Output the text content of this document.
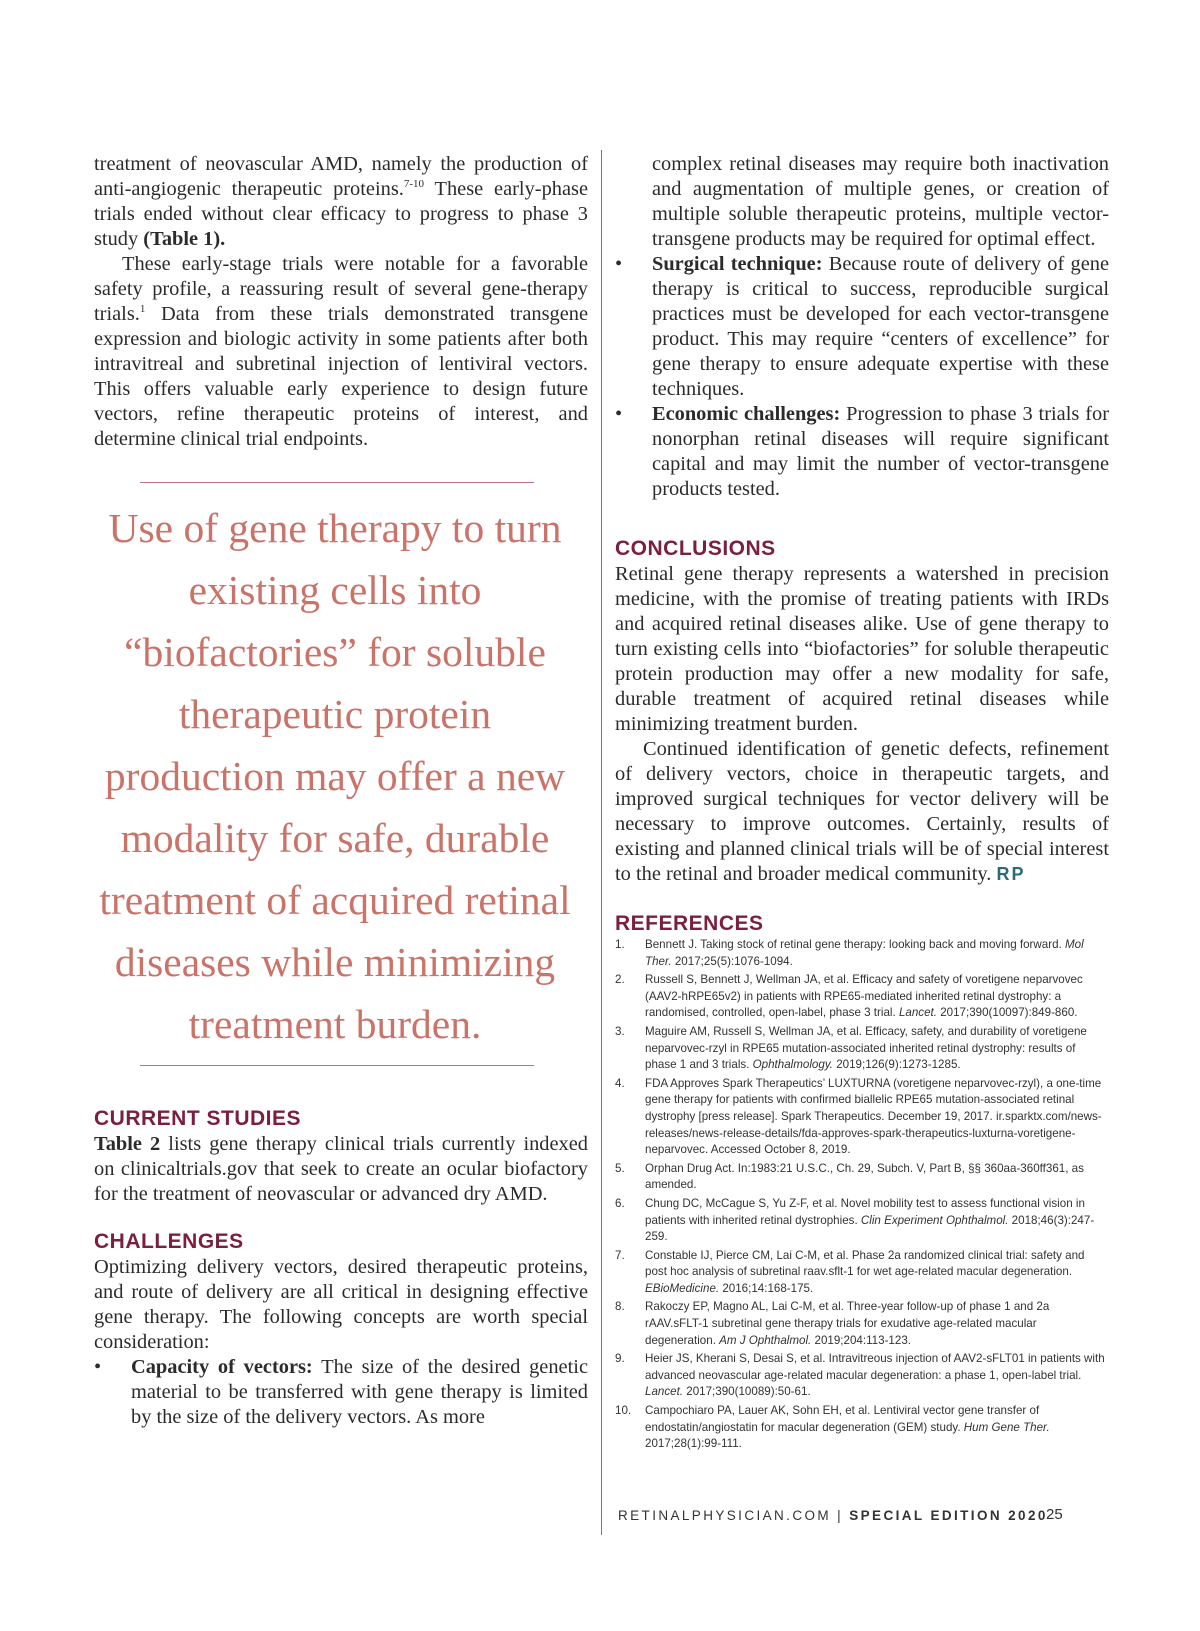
treatment of neovascular AMD, namely the production of anti-angiogenic therapeutic proteins.$^{7-10}$ These early-phase trials ended without clear efficacy to progress to phase 3 study (Table 1).

These early-stage trials were notable for a favorable safety profile, a reassuring result of several gene-therapy trials.$^1$ Data from these trials demonstrated transgene expression and biologic activity in some patients after both intravitreal and subretinal injection of lentiviral vectors. This offers valuable early experience to design future vectors, refine therapeutic proteins of interest, and determine clinical trial endpoints.

Use of gene therapy to turn existing cells into “biofactories” for soluble therapeutic protein production may offer a new modality for safe, durable treatment of acquired retinal diseases while minimizing treatment burden.
CURRENT STUDIES

Table 2 lists gene therapy clinical trials currently indexed on clinicaltrials.gov that seek to create an ocular biofactory for the treatment of neovascular or advanced dry AMD.

CHALLENGES

Optimizing delivery vectors, desired therapeutic proteins, and route of delivery are all critical in designing effective gene therapy. The following concepts are worth special consideration:

• Capacity of vectors: The size of the desired genetic material to be transferred with gene therapy is limited by the size of the delivery vectors. As more
complex retinal diseases may require both inactivation and augmentation of multiple genes, or creation of multiple soluble therapeutic proteins, multiple vector-transgene products may be required for optimal effect.
• Surgical technique: Because route of delivery of gene therapy is critical to success, reproducible surgical practices must be developed for each vector-transgene product. This may require “centers of excellence” for gene therapy to ensure adequate expertise with these techniques.
• Economic challenges: Progression to phase 3 trials for nonorphan retinal diseases will require significant capital and may limit the number of vector-transgene products tested.
CONCLUSIONS

Retinal gene therapy represents a watershed in precision medicine, with the promise of treating patients with IRDs and acquired retinal diseases alike. Use of gene therapy to turn existing cells into “biofactories” for soluble therapeutic protein production may offer a new modality for safe, durable treatment of acquired retinal diseases while minimizing treatment burden.

Continued identification of genetic defects, refinement of delivery vectors, choice in therapeutic targets, and improved surgical techniques for vector delivery will be necessary to improve outcomes. Certainly, results of existing and planned clinical trials will be of special interest to the retinal and broader medical community. RP

REFERENCES
1. Bennett J. Taking stock of retinal gene therapy: looking back and moving forward. Mol Ther. 2017;25(5):1076-1094.
2. Russell S, Bennett J, Wellman JA, et al. Efficacy and safety of voretigene neparvovec (AAV2-hRPE65v2) in patients with RPE65-mediated inherited retinal dystrophy: a randomised, controlled, open-label, phase 3 trial. Lancet. 2017;390(10097):849-860.
3. Maguire AM, Russell S, Wellman JA, et al. Efficacy, safety, and durability of voretigene neparvovec-rzyl in RPE65 mutation-associated inherited retinal dystrophy: results of phase 1 and 3 trials. Ophthalmology. 2019;126(9):1273-1285.
4. FDA Approves Spark Therapeutics’ LUXTURNA (voretigene neparvovec-rzyl), a one-time gene therapy for patients with confirmed biallelic RPE65 mutation-associated retinal dystrophy [press release]. Spark Therapeutics. December 19, 2017. ir.sparktx.com/news-releases/news-release-details/fda-approves-spark-therapeutics-luxturna-voretigene-neparvovec. Accessed October 8, 2019.
5. Orphan Drug Act. In:1983:21 U.S.C., Ch. 29, Subch. V, Part B, §§ 360aa-360ff361, as amended.
6. Chung DC, McCague S, Yu Z-F, et al. Novel mobility test to assess functional vision in patients with inherited retinal dystrophies. Clin Experiment Ophthalmol. 2018;46(3):247-259.
7. Constable IJ, Pierce CM, Lai C-M, et al. Phase 2a randomized clinical trial: safety and post hoc analysis of subretinal raav.sflt-1 for wet age-related macular degeneration. EBioMedicine. 2016;14:168-175.
8. Rakoczy EP, Magno AL, Lai C-M, et al. Three-year follow-up of phase 1 and 2a rAAV.sFLT-1 subretinal gene therapy trials for exudative age-related macular degeneration. Am J Ophthalmol. 2019;204:113-123.
9. Heier JS, Kherani S, Desai S, et al. Intravitreous injection of AAV2-sFLT01 in patients with advanced neovascular age-related macular degeneration: a phase 1, open-label trial. Lancet. 2017;390(10089):50-61.
10. Campochiaro PA, Lauer AK, Sohn EH, et al. Lentiviral vector gene transfer of endostatin/angiostatin for macular degeneration (GEM) study. Hum Gene Ther. 2017;28(1):99-111.
RETINALPHYSICIAN.COM | SPECIAL EDITION 2020
25
